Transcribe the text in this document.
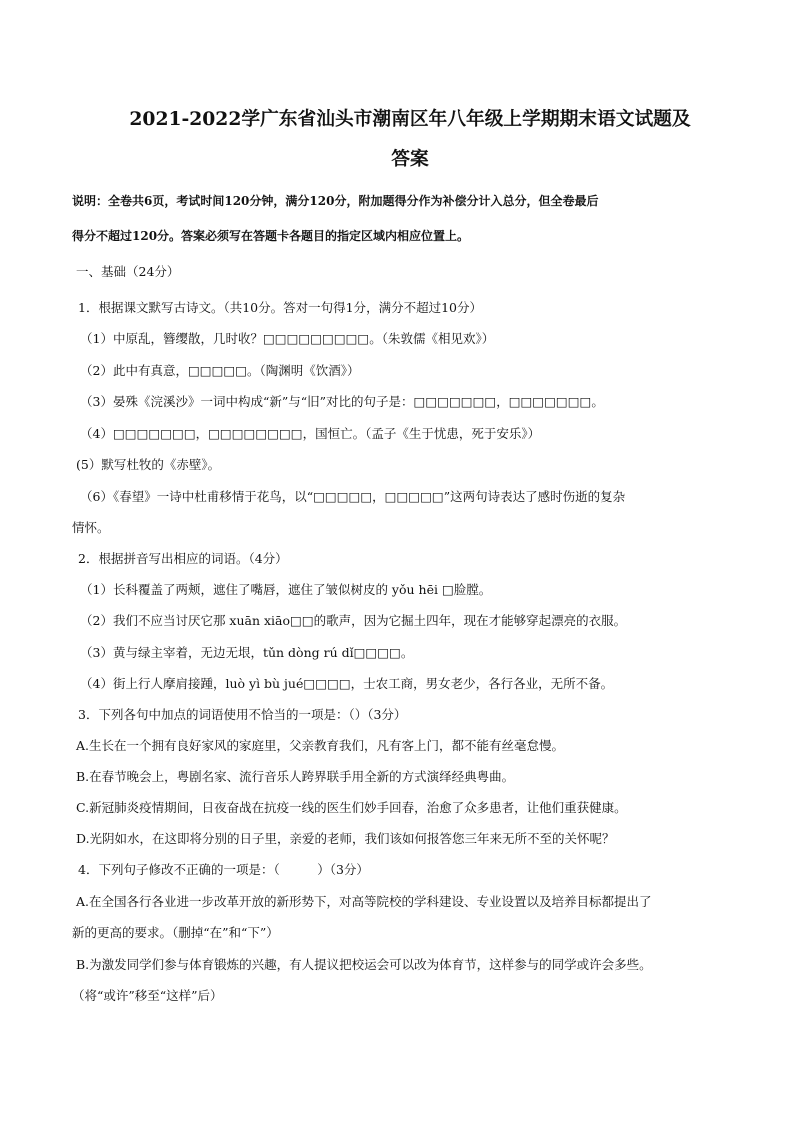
2021-2022学广东省汕头市潮南区年八年级上学期期末语文试题及
答案
说明：全卷共6页，考试时间120分钟，满分120分，附加题得分作为补偿分计入总分，但全卷最后
得分不超过120分。答案必须写在答题卡各题目的指定区域内相应位置上。
一、基础（24分）
1．根据课文默写古诗文。（共10分。答对一句得1分，满分不超过10分）
（1）中原乱，簪缨散，几时收？□□□□□□□□□。（朱敦儒《相见欢》）
（2）此中有真意，□□□□□。（陶渊明《饮酒》）
（3）晏殊《浣溪沙》一词中构成“新”与“旧”对比的句子是：□□□□□□□，□□□□□□□。
（4）□□□□□□□，□□□□□□□□，国恒亡。（孟子《生于忧患，死于安乐》）
(5）默写杜牧的《赤壁》。
（6）《春望》一诗中杜甫移情于花鸟，以“□□□□□，□□□□□”这两句诗表达了感时伤逝的复杂
情怀。
2．根据拼音写出相应的词语。（4分）
（1）长科覆盖了两颊，遮住了嘴唇，遮住了皱似树皮的 yǒu hēi □脸膛。
（2）我们不应当讨厌它那 xuān xiāo□□的歌声，因为它掘土四年，现在才能够穿起漂亮的衣服。
（3）黄与绿主宰着，无边无垠，tǔn dòng rú dǐ□□□□。
（4）街上行人摩肩接踵，luò yì bù jué□□□□，士农工商，男女老少，各行各业，无所不备。
3．下列各句中加点的词语使用不恰当的一项是：（）（3分）
A.生长在一个拥有良好家风的家庭里，父亲教育我们，凡有客上门，都不能有丝毫怠慢。
B.在春节晚会上，粤剧名家、流行音乐人跨界联手用全新的方式演绎经典粤曲。
C.新冠肺炎疫情期间，日夜奋战在抗疫一线的医生们妙手回春，治愈了众多患者，让他们重获健康。
D.光阴如水，在这即将分别的日子里，亲爱的老师，我们该如何报答您三年来无所不至的关怀呢？
4．下列句子修改不正确的一项是：（　　　）（3分）
A.在全国各行各业进一步改革开放的新形势下，对高等院校的学科建设、专业设置以及培养目标都提出了
新的更高的要求。（删掉“在”和“下”）
B.为激发同学们参与体育锻炼的兴趣，有人提议把校运会可以改为体育节，这样参与的同学或许会多些。
（将“或许”移至“这样”后）
